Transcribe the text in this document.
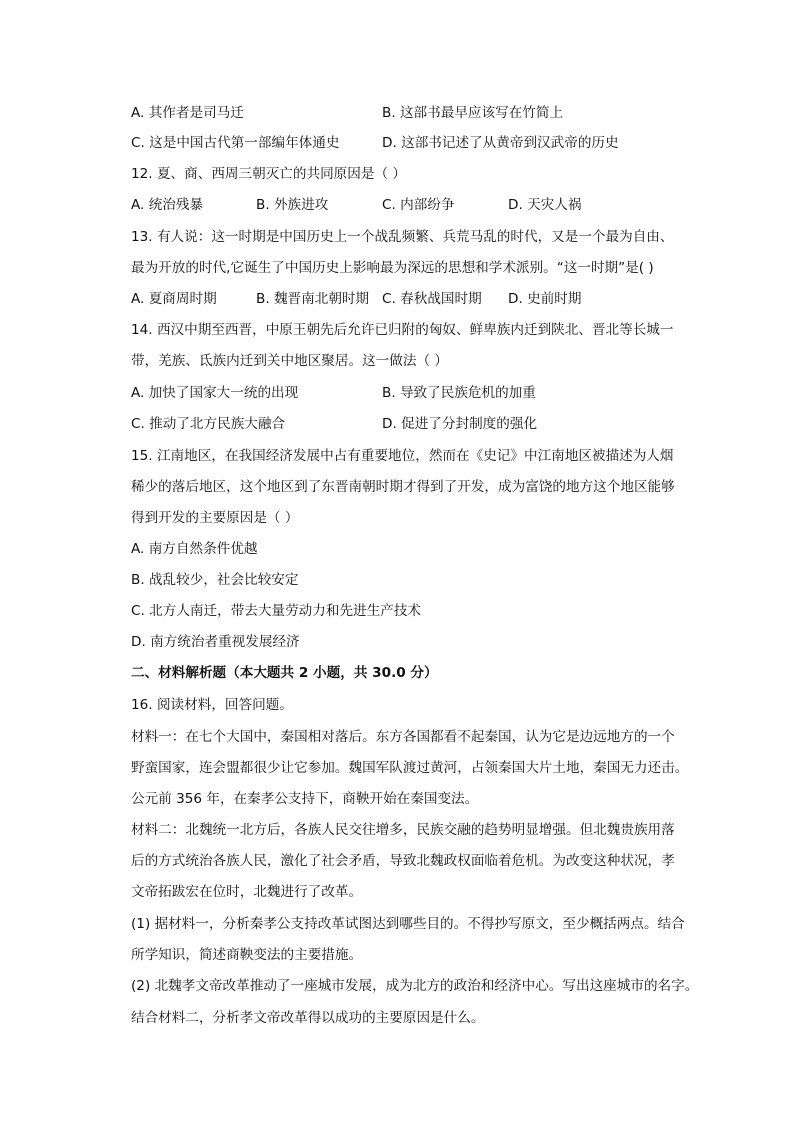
A. 其作者是司马迁	B. 这部书最早应该写在竹简上
C. 这是中国古代第一部编年体通史	D. 这部书记述了从黄帝到汉武帝的历史
12. 夏、商、西周三朝灭亡的共同原因是（ ）
A. 统治残暴	B. 外族进攻	C. 内部纷争	D. 天灾人祸
13. 有人说：这一时期是中国历史上一个战乱频繁、兵荒马乱的时代，又是一个最为自由、
最为开放的时代,它诞生了中国历史上影响最为深远的思想和学术派别。“这一时期”是( )
A. 夏商周时期	B. 魏晋南北朝时期 C. 春秋战国时期 D. 史前时期
14. 西汉中期至西晋，中原王朝先后允许已归附的匈奴、鲜卑族内迁到陕北、晋北等长城一
带，羌族、氐族内迁到关中地区聚居。这一做法（ ）
A. 加快了国家大一统的出现	B. 导致了民族危机的加重
C. 推动了北方民族大融合	D. 促进了分封制度的强化
15. 江南地区，在我国经济发展中占有重要地位，然而在《史记》中江南地区被描述为人烟
稀少的落后地区，这个地区到了东晋南朝时期才得到了开发，成为富饶的地方这个地区能够
得到开发的主要原因是（ ）
A. 南方自然条件优越
B. 战乱较少，社会比较安定
C. 北方人南迁，带去大量劳动力和先进生产技术
D. 南方统治者重视发展经济
二、材料解析题（本大题共 2 小题，共 30.0 分）
16. 阅读材料，回答问题。
材料一：在七个大国中，秦国相对落后。东方各国都看不起秦国，认为它是边远地方的一个
野蛮国家，连会盟都很少让它参加。魏国军队渡过黄河，占领秦国大片土地，秦国无力还击。
公元前 356 年，在秦孝公支持下，商鞅开始在秦国变法。
材料二：北魏统一北方后，各族人民交往增多，民族交融的趋势明显增强。但北魏贵族用落
后的方式统治各族人民，激化了社会矛盾，导致北魏政权面临着危机。为改变这种状况，孝
文帝拓跋宏在位时，北魏进行了改革。
(1) 据材料一，分析秦孝公支持改革试图达到哪些目的。不得抄写原文，至少概括两点。结合
所学知识，简述商鞅变法的主要措施。
(2) 北魏孝文帝改革推动了一座城市发展，成为北方的政治和经济中心。写出这座城市的名字。
结合材料二，分析孝文帝改革得以成功的主要原因是什么。
